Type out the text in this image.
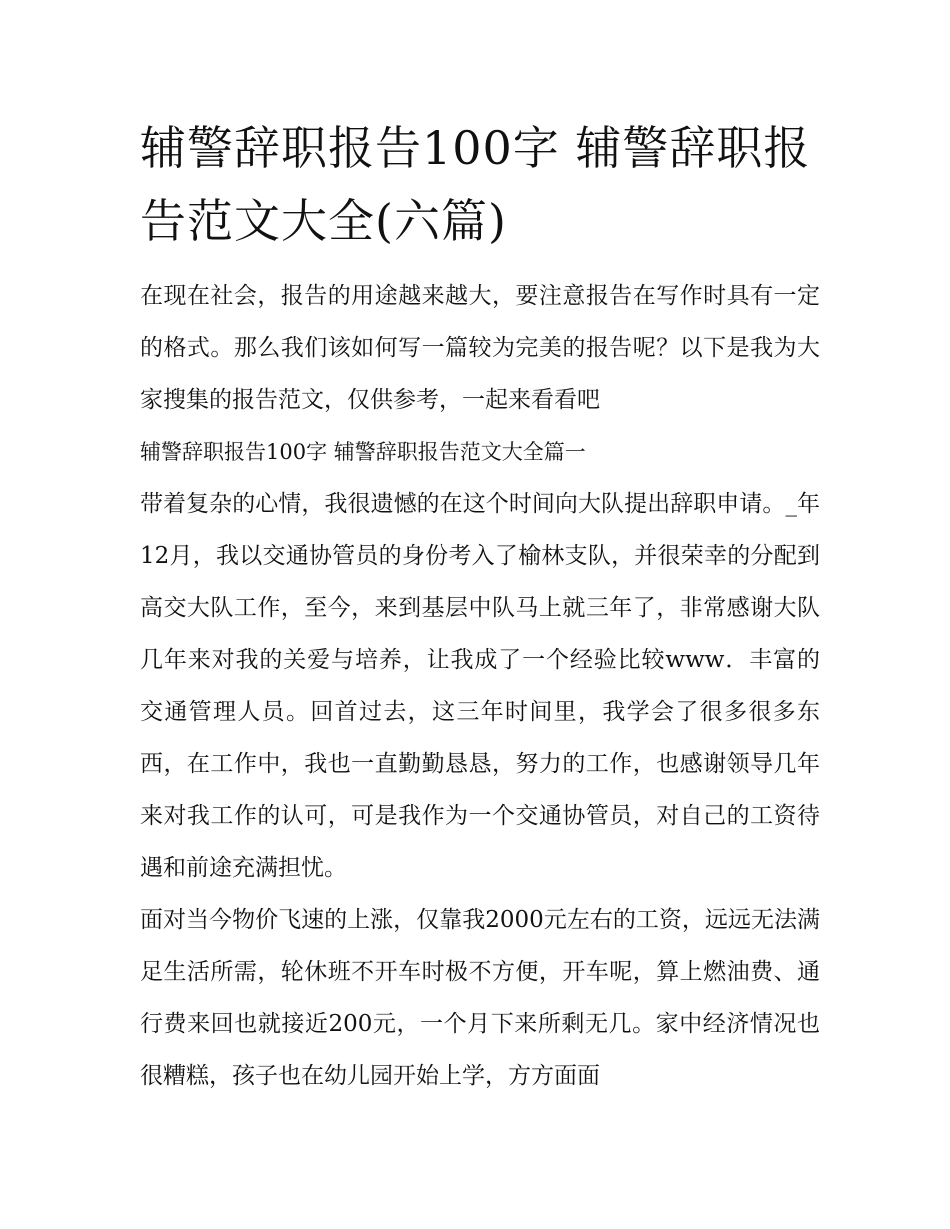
辅警辞职报告100字 辅警辞职报告范文大全(六篇)

在现在社会，报告的用途越来越大，要注意报告在写作时具有一定的格式。那么我们该如何写一篇较为完美的报告呢？以下是我为大家搜集的报告范文，仅供参考，一起来看看吧

辅警辞职报告100字 辅警辞职报告范文大全篇一

带着复杂的心情，我很遗憾的在这个时间向大队提出辞职申请。_年12月，我以交通协管员的身份考入了榆林支队，并很荣幸的分配到高交大队工作，至今，来到基层中队马上就三年了，非常感谢大队几年来对我的关爱与培养，让我成了一个经验比较www．丰富的交通管理人员。回首过去，这三年时间里，我学会了很多很多东西，在工作中，我也一直勤勤恳恳，努力的工作，也感谢领导几年来对我工作的认可，可是我作为一个交通协管员，对自己的工资待遇和前途充满担忧。

面对当今物价飞速的上涨，仅靠我2000元左右的工资，远远无法满足生活所需，轮休班不开车时极不方便，开车呢，算上燃油费、通行费来回也就接近200元，一个月下来所剩无几。家中经济情况也很糟糕，孩子也在幼儿园开始上学，方方面面
